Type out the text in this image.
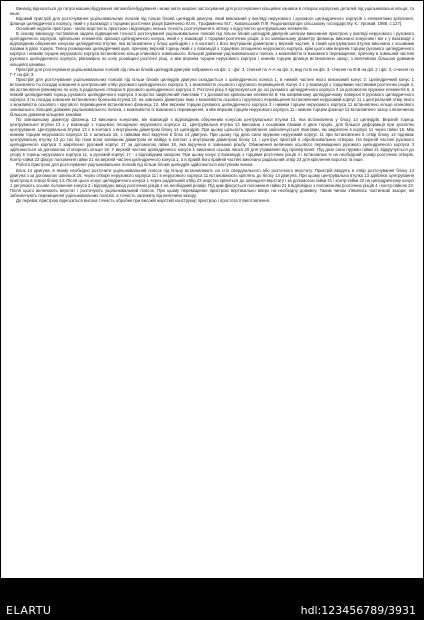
Винахід відноситься до галузі машинобудування автомобілебудування і може мати широке застосування для розточування кільцевих канавок в отворах корпусних деталей під ущільнювальні кільця, та інше.

Відомий пристрій для розточування ущільнювальних поясків під пільзи блоків циліндрів двигуна, який виконаний у вигляді нерухомого і рухомого циліндричного корпусів з елементами кріплення, фланця циліндричного корпусу, який є у взаємодії з торцями розточних різців [Шевченко Ю.М., Трофименко М.Г., Ковальський П.Ф. Раціоналізатори сільському господарству. К.: Урожай, 1988, с.127].

Основний недолік пристрою - мала жорсткість пристрою і відповідно низька точність розточування в зв'язку з відсутністю центрувальних елементів.

В основу винаходу поставлена задача підвищення точності розточування ущільнювальних поясків під пільзи блоків циліндрів двигунів шляхом виконання пристрою у вигляді нерухомого і рухомого циліндричного корпусів, кріпильних елементів, фланця циліндричного конуса, який є у взаємодії з торцями розточних різців, а по зовнішньому діаметру фланець виконано конусним і він є у взаємодії з відповідним обернення конусом циліндричної втулки, яка встановлена у блоці циліндрів і є в контакті з його внутрішнім діаметром у верхній частині, в такий центрувальна втулка виконана з осьовими пазами в двох торцях. Тепер розміщених циліндричний щип, причому верхній торець який є у взаємодії з торцевою площиною нерухомого корпуса, крім цього між верхнім торцем рухомого циліндричного корпуса і нижнім торцем нерухомого корпуса встановлено кільце клинового зовнішнього. Кільцеві довжини ущільнювального пояска, з можливістю їх взаємного переміщення, причому в зовнішній частині рухомого циліндричного корпуса, рівномірно по колу розміщені розточні різці, а між верхнім торцем нерухомого корпуса і нижнім торцем фланця встановлено зазор, з величиною більшою довжини кільцевої канавки.

Пристрій для розточування ущільнювальних поясків під пільзи блоків циліндрів двигунів зображено на фіг. 1 - фіг. 3, січення по А-А на фіг. 2, вид по Б на фіг. 3, січення по В-В на фіг. 2 і фіг. 3, січення по Г-Г на фіг. 3.

Пристрій для розточування ущільнювальних поясків під пільзи блоків циліндрів двигуна складається з циліндричного конуса 1, в нижній частині якого виконаний конус 2. Циліндричний конус 1 встановлено по посадці ковзання в центральний отвір рухомого циліндричного корпуса 3, з можливістю осьового і кругового переміщення. Конус 2 є у взаємодії з торцевими частинами розточних різців 4, які встановлені рівномірно по колу в радіальних отворах 5 рухомого циліндричного корпуса 3. Розточні різці 4 відтискуються до осі рухомого циліндричного корпуса 3 за допомогою пружних елементів 6, а нижній циліндричний торець рухомого циліндричного корпуса 3 жорстко закріплений гвинтами 7 з допомогою кріпильних елементів 8. На напрямному циліндричному поверхні 9 рухомого циліндричного корпуса 3 по посадці ковзання встановлено бронзова втулка 10, на зовнішніх діаметрах яких з можливістю осьового і кругового переміщення встановлений нерухомий корпус 11 з центральний отвір якого з можливістю осьового і кругового переміщення встановлено фланець 12. Між верхнім торцем рухомого циліндричного корпуса 3 і нижнім торцем нерухомого корпуса 11 встановлено кільце клинового зовнішнього. Кільцеві довжини ущільнювального пояска, з можливістю їх взаємного переміщення, а між верхнім торцем нерухомого корпуса 11 і нижнім торцем фланця 12 встановлено зазор з величиною більшою довжини кільцевої канавки.

По зовнішньому діаметру фланець 12 виконано конусним, він взаємодії з відповідним оберненим конусом центрувальної втулки 13, яка встановлена у блоці 14 циліндрів. Верхній торець центрувальної втулки 13 є у взаємодії з торцевою площиною нерухомого корпуса 11. Центрувальна втулка 13 виконана з осьовими пазами в двох торцях, для більшої деформації при зусиллях центрування. Центрувальна втулка 13 є в контакті з внутрішнім діаметром блоку 14 циліндрів. При цьому щільність прилягання забезпечується гвинтами, які закріплені в корпусі 11 через гайки 15. Між нижнім торцем нерухомого корпуса 11 є шпилька 16, з гайками якої вкручені в блок 14 двигуна. При цьому під дією сили пружини нерухомий корпус 11 при встановленні в отвір блоку 14 піднімає центрувальну втулку 13 до тих пір поки вона зовнішнім діаметром не ввійде в контакт з внутрішнім діаметром блоку 14, і центрує пристрій в оброблювальних отворах. На верхній частині рухомого циліндричного корпуса 3 закріплено рухомий корпус 17 за допомогою гайки 18, яка вкручена в зовнішню різьбу. Обмеження величини осьового переміщення рухомого циліндричного корпуса 3 здійснюється за допомогою стопорного кільця 19. У верхній частині циліндричного конуса 1 виконана осьова лиска 20 для утримання від провертання. Під дією сили пружин гайки 21 відкручується до упору в торець нерухомого корпуса 11, а рухомий корпус 17 - з відповідним зазором. При цьому конус 2 взаємодіє з торцями розточних різців 4 і встановлює їх на необхідний розмір розточних отворів. Контр-гайка 22 фіксує положення гайки 21 на верхній частині циліндричного конуса 1, а в правій його крайній частині виконано радіальний отвір 23 для кріплення воротка та інше.

Робота пристрою для розточування ущільнювальних поясків під пільзи блоків циліндрів здійснюється наступним чином.

Блок 14 двигуна, в якому необхідно розточити ущільнювальний поясок під пільзу встановлюють на стіл свердлильного або розточного верстату. Пристрій вводять в отвір розточування блоку 14 двигуна з за допомогою шпильок 16, через отвори нерухомого корпуса 11 і в нерухомого корпуса 11 встановлюють кріплять до блоку 14 двигуна. При цьому центрувальна втулка 13 здійснює центрування пристрою в отворі блоку 14. Після цього конус циліндричного конуса 1 через радіальний отвір 23 жорстко кріпиться до шпинделя верстату і за допомогою гайки 21 і контр-гайки 22 на циліндричному конусі 1 регулюють осьове положення конуса 2 і відповідно вихід розточних різців 4 на необхідний розмір. Під цим фіксується положення гайки 21 в відповідно з положенням розточних різців 4 і контр-гайкою 22. Після цього включають верстат і розточують ущільнювальний поясок. При цьому переміщення пристрою вертикально вверх на необхідну довжину. Таким чином з'явились частинкові зазори, які забезпечують переміщення ущільнювальних поясків, а точність залежить від величини зазору.

До переваг пристрою відноситься висока точність обробки при високій жорсткій конструкції пристрою і простота її виготовлення.

ELARTU	hdl:123456789/3931
